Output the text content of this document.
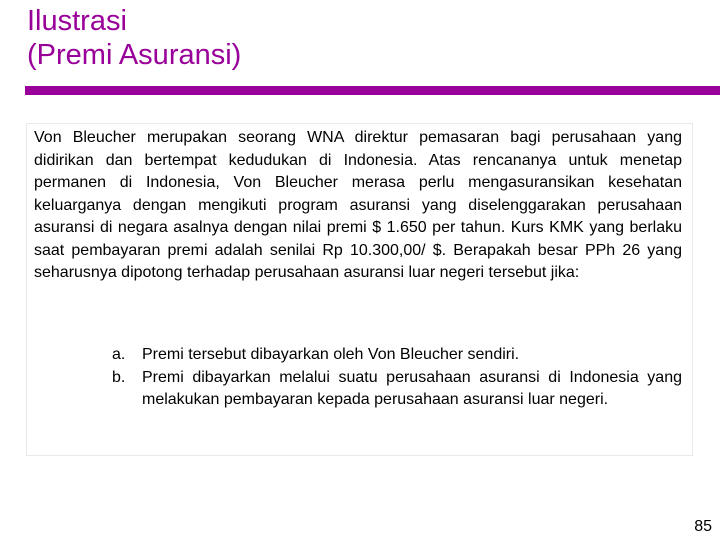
Ilustrasi
(Premi Asuransi)

Von Bleucher merupakan seorang WNA direktur pemasaran bagi perusahaan yang didirikan dan bertempat kedudukan di Indonesia. Atas rencananya untuk menetap permanen di Indonesia, Von Bleucher merasa perlu mengasuransikan kesehatan keluarganya dengan mengikuti program asuransi yang diselenggarakan perusahaan asuransi di negara asalnya dengan nilai premi $ 1.650 per tahun. Kurs KMK yang berlaku saat pembayaran premi adalah senilai Rp 10.300,00/ $. Berapakah besar PPh 26 yang seharusnya dipotong terhadap perusahaan asuransi luar negeri tersebut jika:

a.	Premi tersebut dibayarkan oleh Von Bleucher sendiri.
b.	Premi dibayarkan melalui suatu perusahaan asuransi di Indonesia yang melakukan pembayaran kepada perusahaan asuransi luar negeri.
85
